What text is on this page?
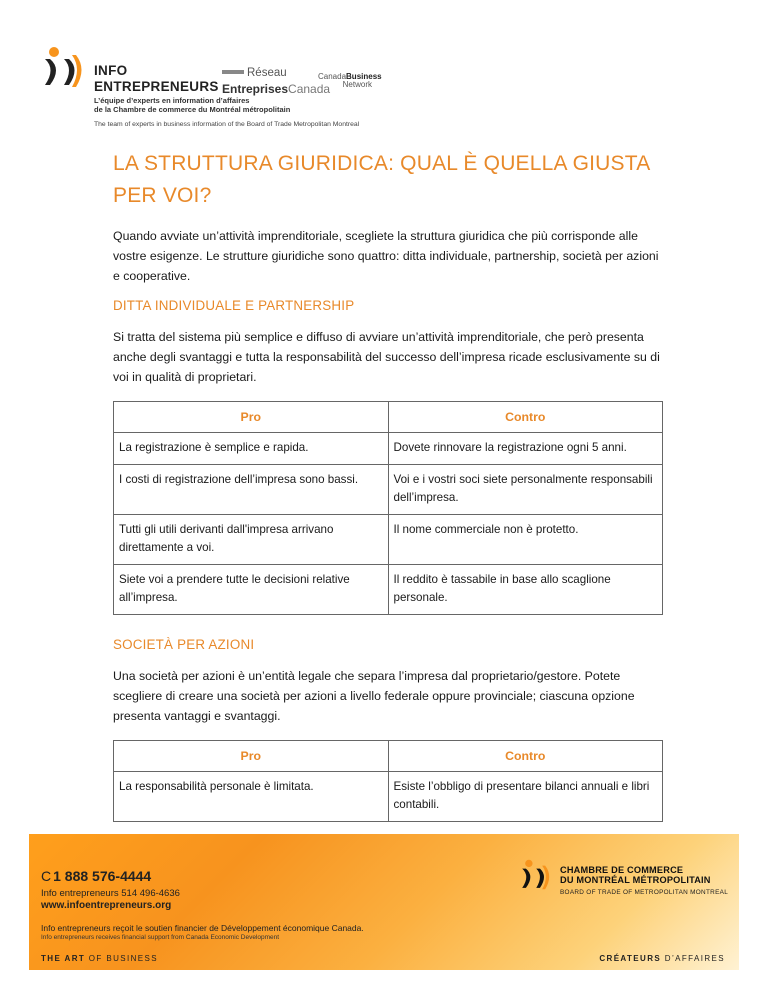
INFO
ENTREPRENEURS
Réseau
EntreprisesCanada
CanadaBusiness
Network
L’équipe d’experts en information d’affaires
de la Chambre de commerce du Montréal métropolitain
The team of experts in business information of the Board of Trade Metropolitan Montreal
LA STRUTTURA GIURIDICA: QUAL È QUELLA GIUSTA PER VOI?

Quando avviate un’attività imprenditoriale, scegliete la struttura giuridica che più corrisponde alle vostre esigenze. Le strutture giuridiche sono quattro: ditta individuale, partnership, società per azioni e cooperative.

DITTA INDIVIDUALE E PARTNERSHIP

Si tratta del sistema più semplice e diffuso di avviare un’attività imprenditoriale, che però presenta anche degli svantaggi e tutta la responsabilità del successo dell’impresa ricade esclusivamente su di voi in qualità di proprietari.

Pro	Contro
La registrazione è semplice e rapida.	Dovete rinnovare la registrazione ogni 5 anni.
I costi di registrazione dell’impresa sono bassi.	Voi e i vostri soci siete personalmente responsabili dell’impresa.
Tutti gli utili derivanti dall'impresa arrivano direttamente a voi.	Il nome commerciale non è protetto.
Siete voi a prendere tutte le decisioni relative all’impresa.	Il reddito è tassabile in base allo scaglione personale.
SOCIETÀ PER AZIONI

Una società per azioni è un’entità legale che separa l’impresa dal proprietario/gestore. Potete scegliere di creare una società per azioni a livello federale oppure provinciale; ciascuna opzione presenta vantaggi e svantaggi.

Pro	Contro
La responsabilità personale è limitata.	Esiste l’obbligo di presentare bilanci annuali e libri contabili.
C 1 888 576-4444
Info entrepreneurs 514 496-4636
www.infoentrepreneurs.org
Info entrepreneurs reçoit le soutien financier de Développement économique Canada.
Info entrepreneurs receives financial support from Canada Economic Development
CHAMBRE DE COMMERCE
DU MONTRÉAL MÉTROPOLITAIN
BOARD OF TRADE OF METROPOLITAN MONTREAL
THE ART OF BUSINESS	CRÉATEURS D’AFFAIRES
